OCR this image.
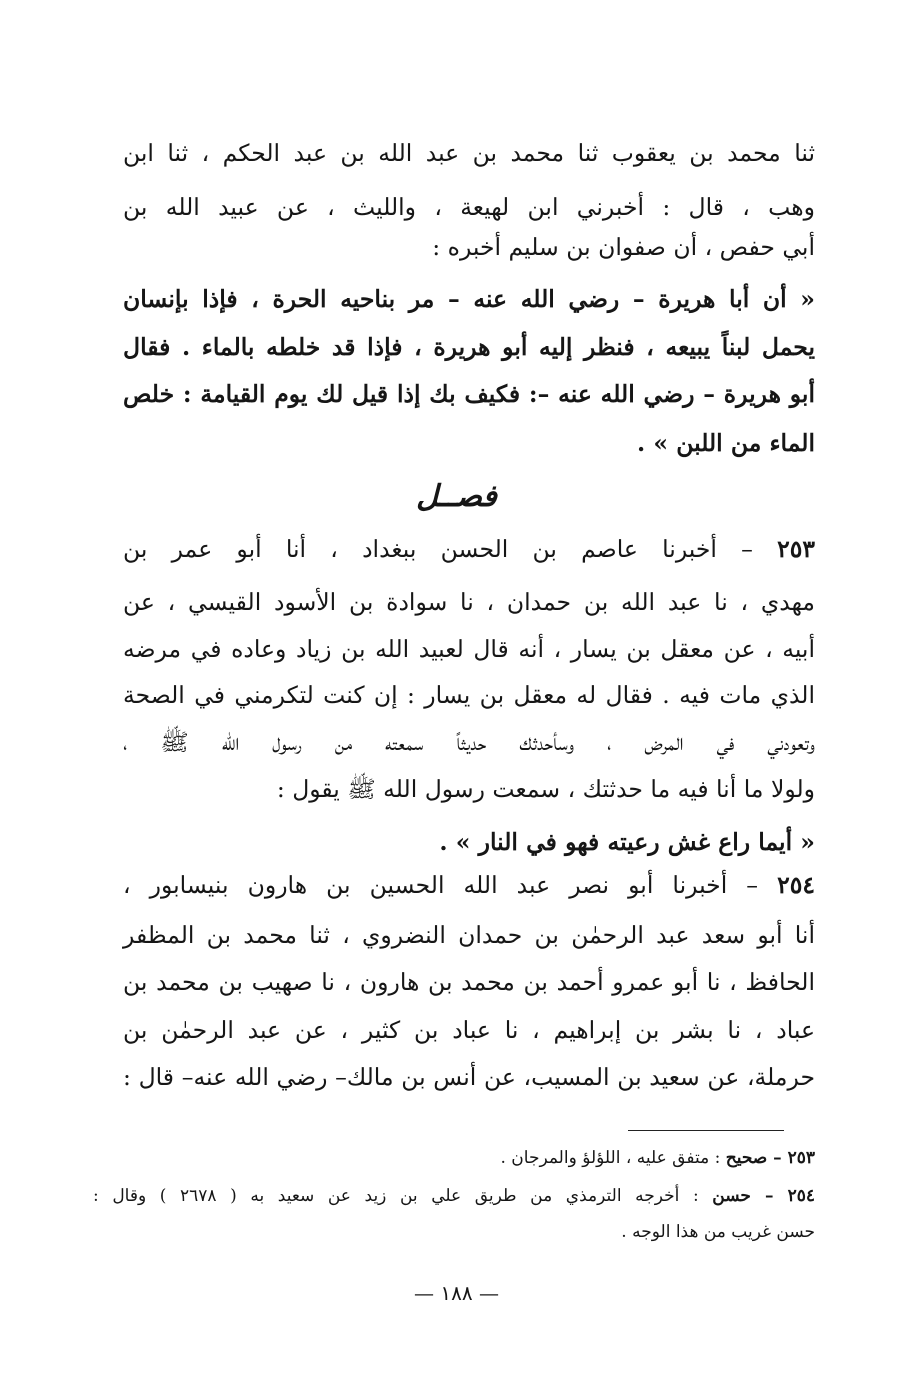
ثنا محمد بن يعقوب ثنا محمد بن عبد الله بن عبد الحكم ، ثنا ابن
وهب ، قال : أخبرني ابن لهيعة ، والليث ، عن عبيد الله بن
أبي حفص ، أن صفوان بن سليم أخبره :
« أن أبا هريرة – رضي الله عنه – مر بناحيه الحرة ، فإذا بإنسان
يحمل لبناً يبيعه ، فنظر إليه أبو هريرة ، فإذا قد خلطه بالماء . فقال
أبو هريرة – رضي الله عنه –: فكيف بك إذا قيل لك يوم القيامة : خلص
الماء من اللبن » .
فصــل
٢٥٣ – أخبرنا عاصم بن الحسن ببغداد ، أنا أبو عمر بن
مهدي ، نا عبد الله بن حمدان ، نا سوادة بن الأسود القيسي ، عن
أبيه ، عن معقل بن يسار ، أنه قال لعبيد الله بن زياد وعاده في مرضه
الذي مات فيه . فقال له معقل بن يسار : إن كنت لتكرمني في الصحة
وتعودني في المرض ، وسأحدثك حديثاً سمعته من رسول الله ﷺ ،
ولولا ما أنا فيه ما حدثتك ، سمعت رسول الله ﷺ يقول :
« أيما راع غش رعيته فهو في النار » .
٢٥٤ – أخبرنا أبو نصر عبد الله الحسين بن هارون بنيسابور ،
أنا أبو سعد عبد الرحمٰن بن حمدان النضروي ، ثنا محمد بن المظفر
الحافظ ، نا أبو عمرو أحمد بن محمد بن هارون ، نا صهيب بن محمد بن
عباد ، نا بشر بن إبراهيم ، نا عباد بن كثير ، عن عبد الرحمٰن بن
حرملة، عن سعيد بن المسيب، عن أنس بن مالك– رضي الله عنه– قال :
٢٥٣ – صحيح : متفق عليه ، اللؤلؤ والمرجان .
٢٥٤ – حسن : أخرجه الترمذي من طريق علي بن زيد عن سعيد به ( ٢٦٧٨ ) وقال :
حسن غريب من هذا الوجه .
— ١٨٨ —
